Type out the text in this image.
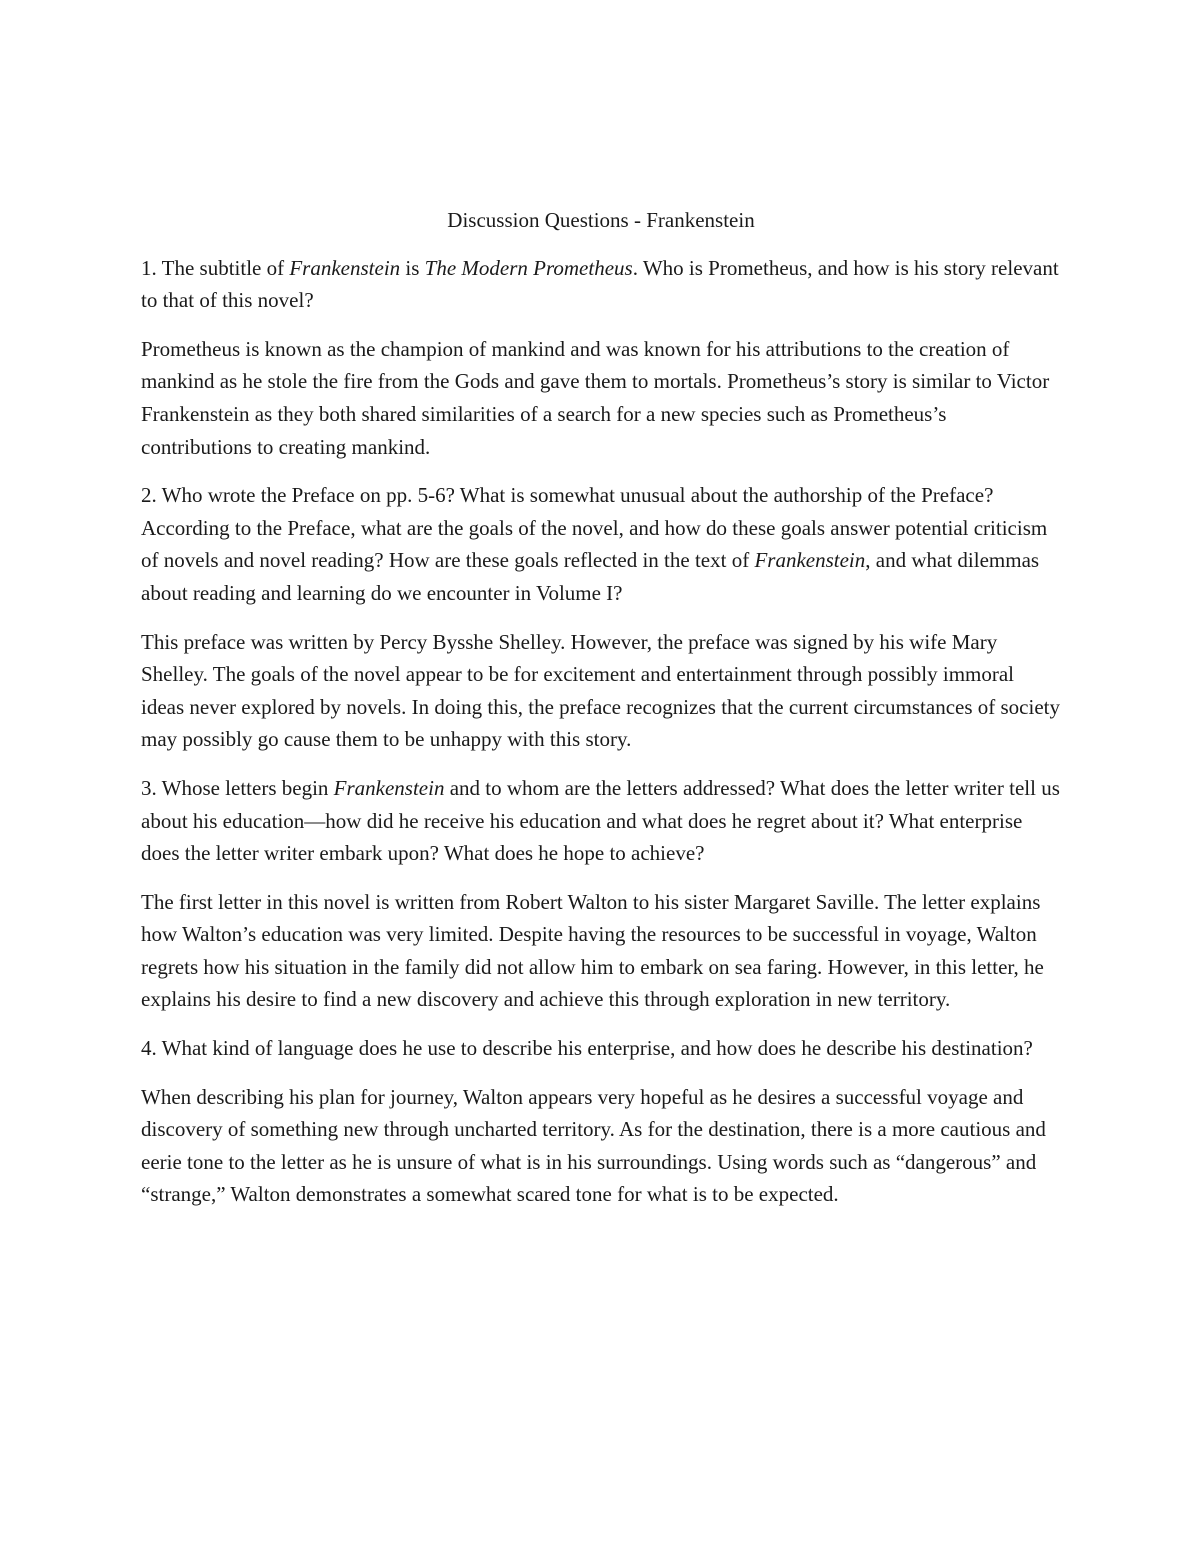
Discussion Questions - Frankenstein

1. The subtitle of Frankenstein is The Modern Prometheus. Who is Prometheus, and how is his story relevant to that of this novel?

Prometheus is known as the champion of mankind and was known for his attributions to the creation of mankind as he stole the fire from the Gods and gave them to mortals. Prometheus’s story is similar to Victor Frankenstein as they both shared similarities of a search for a new species such as Prometheus’s contributions to creating mankind.

2. Who wrote the Preface on pp. 5-6? What is somewhat unusual about the authorship of the Preface? According to the Preface, what are the goals of the novel, and how do these goals answer potential criticism of novels and novel reading? How are these goals reflected in the text of Frankenstein, and what dilemmas about reading and learning do we encounter in Volume I?

This preface was written by Percy Bysshe Shelley. However, the preface was signed by his wife Mary Shelley. The goals of the novel appear to be for excitement and entertainment through possibly immoral ideas never explored by novels. In doing this, the preface recognizes that the current circumstances of society may possibly go cause them to be unhappy with this story.

3. Whose letters begin Frankenstein and to whom are the letters addressed? What does the letter writer tell us about his education—how did he receive his education and what does he regret about it? What enterprise does the letter writer embark upon? What does he hope to achieve?

The first letter in this novel is written from Robert Walton to his sister Margaret Saville. The letter explains how Walton’s education was very limited. Despite having the resources to be successful in voyage, Walton regrets how his situation in the family did not allow him to embark on sea faring. However, in this letter, he explains his desire to find a new discovery and achieve this through exploration in new territory.

4. What kind of language does he use to describe his enterprise, and how does he describe his destination?

When describing his plan for journey, Walton appears very hopeful as he desires a successful voyage and discovery of something new through uncharted territory. As for the destination, there is a more cautious and eerie tone to the letter as he is unsure of what is in his surroundings. Using words such as “dangerous” and “strange,” Walton demonstrates a somewhat scared tone for what is to be expected.
